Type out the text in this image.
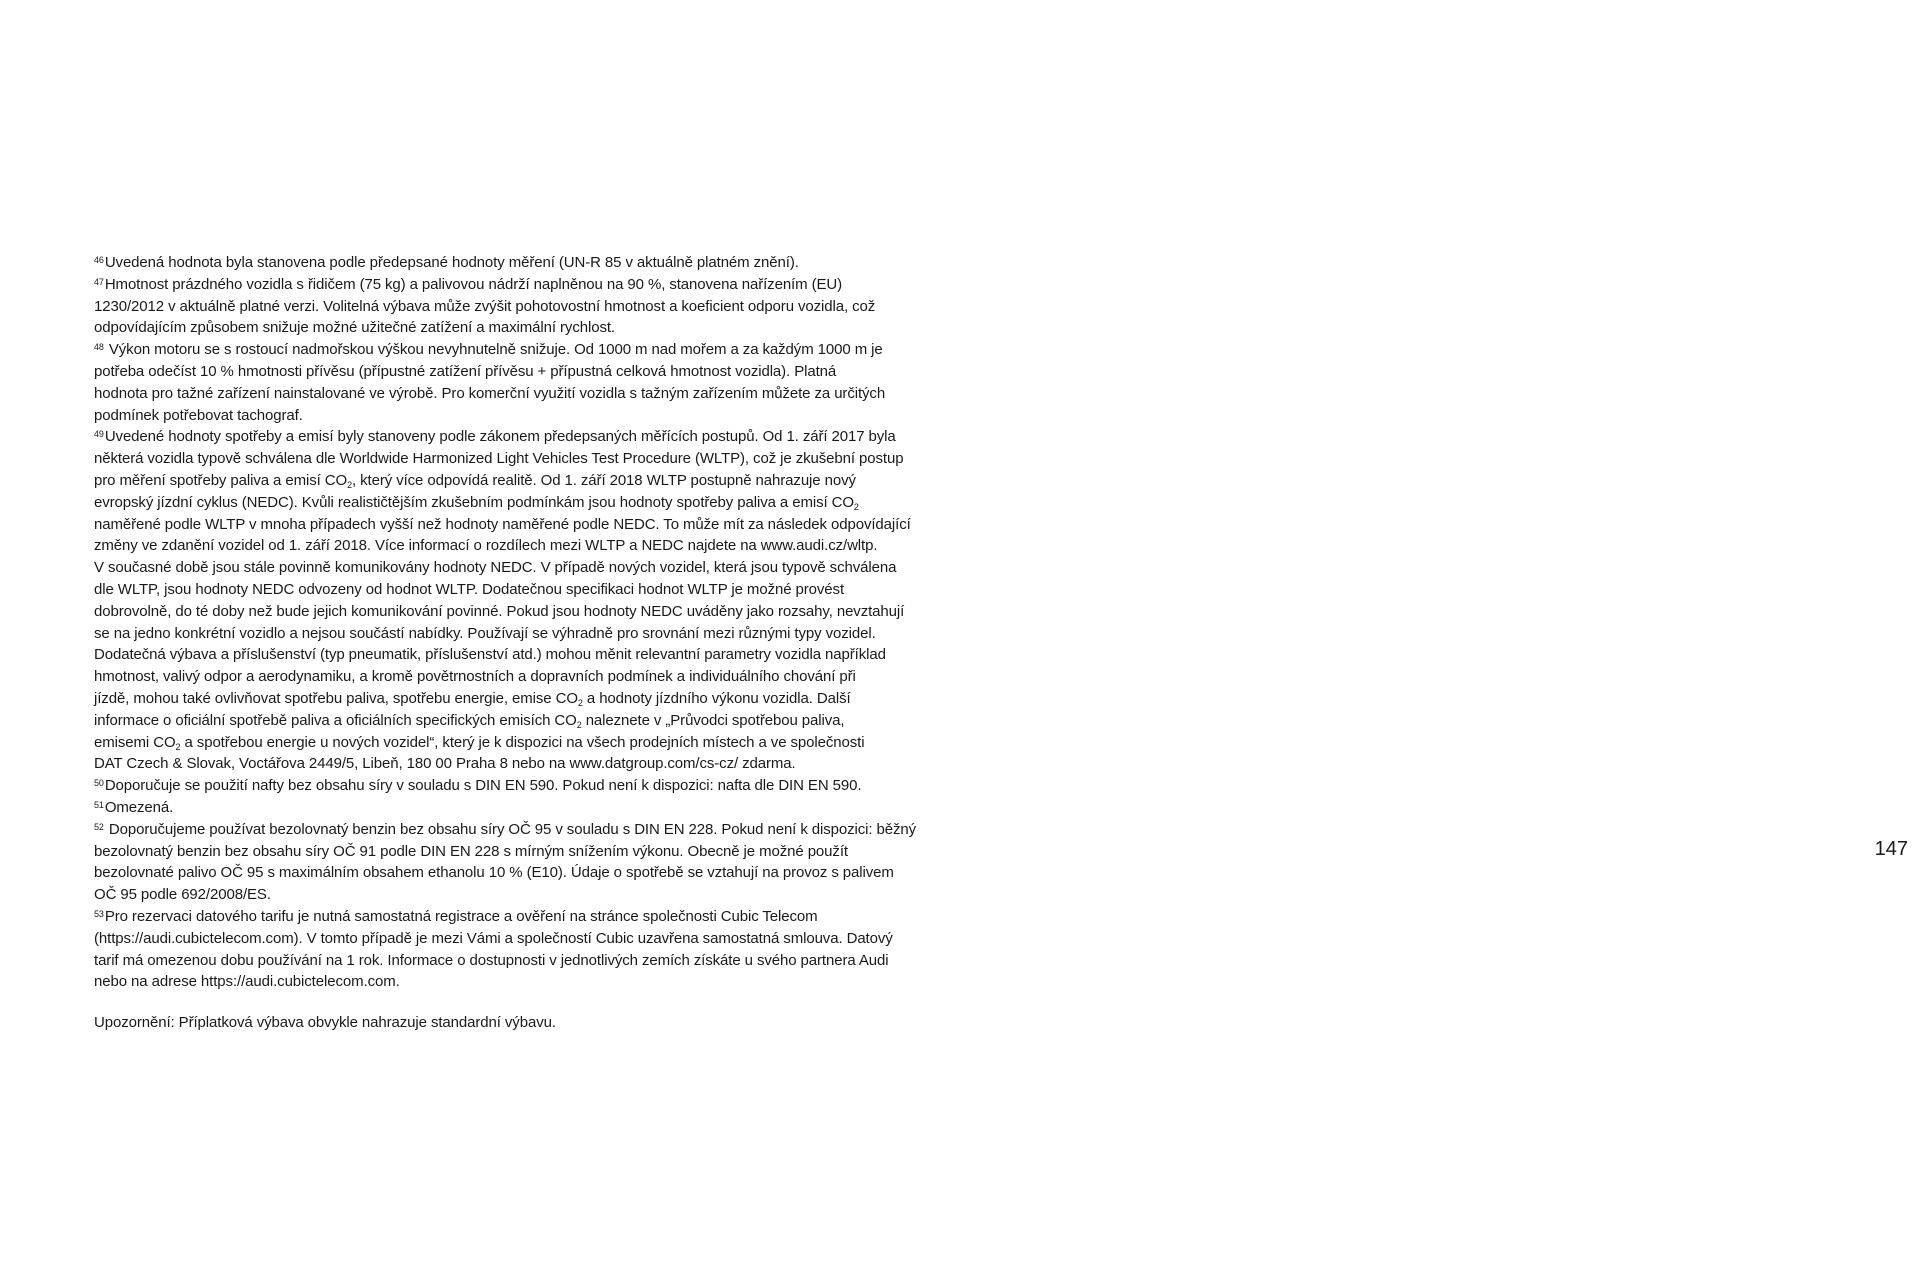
$^{46}$Uvedená hodnota byla stanovena podle předepsané hodnoty měření (UN-R 85 v aktuálně platném znění).

$^{47}$Hmotnost prázdného vozidla s řidičem (75 kg) a palivovou nádrží naplněnou na 90 %, stanovena nařízením (EU)
1230/2012 v aktuálně platné verzi. Volitelná výbava může zvýšit pohotovostní hmotnost a koeficient odporu vozidla, což
odpovídajícím způsobem snižuje možné užitečné zatížení a maximální rychlost.

$^{48}$ Výkon motoru se s rostoucí nadmořskou výškou nevyhnutelně snižuje. Od 1000 m nad mořem a za každým 1000 m je
potřeba odečíst 10 % hmotnosti přívěsu (přípustné zatížení přívěsu + přípustná celková hmotnost vozidla). Platná
hodnota pro tažné zařízení nainstalované ve výrobě. Pro komerční využití vozidla s tažným zařízením můžete za určitých
podmínek potřebovat tachograf.

$^{49}$Uvedené hodnoty spotřeby a emisí byly stanoveny podle zákonem předepsaných měřících postupů. Od 1. září 2017 byla
některá vozidla typově schválena dle Worldwide Harmonized Light Vehicles Test Procedure (WLTP), což je zkušební postup
pro měření spotřeby paliva a emisí $CO_2$, který více odpovídá realitě. Od 1. září 2018 WLTP postupně nahrazuje nový
evropský jízdní cyklus (NEDC). Kvůli realističtějším zkušebním podmínkám jsou hodnoty spotřeby paliva a emisí $CO_2$
naměřené podle WLTP v mnoha případech vyšší než hodnoty naměřené podle NEDC. To může mít za následek odpovídající
změny ve zdanění vozidel od 1. září 2018. Více informací o rozdílech mezi WLTP a NEDC najdete na www.audi.cz/wltp.
V současné době jsou stále povinně komunikovány hodnoty NEDC. V případě nových vozidel, která jsou typově schválena
dle WLTP, jsou hodnoty NEDC odvozeny od hodnot WLTP. Dodatečnou specifikaci hodnot WLTP je možné provést
dobrovolně, do té doby než bude jejich komunikování povinné. Pokud jsou hodnoty NEDC uváděny jako rozsahy, nevztahují
se na jedno konkrétní vozidlo a nejsou součástí nabídky. Používají se výhradně pro srovnání mezi různými typy vozidel.
Dodatečná výbava a příslušenství (typ pneumatik, příslušenství atd.) mohou měnit relevantní parametry vozidla například
hmotnost, valivý odpor a aerodynamiku, a kromě povětrnostních a dopravních podmínek a individuálního chování při
jízdě, mohou také ovlivňovat spotřebu paliva, spotřebu energie, emise $CO_2$ a hodnoty jízdního výkonu vozidla. Další
informace o oficiální spotřebě paliva a oficiálních specifických emisích $CO_2$ naleznete v „Průvodci spotřebou paliva,
emisemi $CO_2$ a spotřebou energie u nových vozidel“, který je k dispozici na všech prodejních místech a ve společnosti
DAT Czech & Slovak, Voctářova 2449/5, Libeň, 180 00 Praha 8 nebo na www.datgroup.com/cs-cz/ zdarma.

$^{50}$Doporučuje se použití nafty bez obsahu síry v souladu s DIN EN 590. Pokud není k dispozici: nafta dle DIN EN 590.

$^{51}$Omezená.

$^{52}$ Doporučujeme používat bezolovnatý benzin bez obsahu síry OČ 95 v souladu s DIN EN 228. Pokud není k dispozici: běžný
bezolovnatý benzin bez obsahu síry OČ 91 podle DIN EN 228 s mírným snížením výkonu. Obecně je možné použít
bezolovnaté palivo OČ 95 s maximálním obsahem ethanolu 10 % (E10). Údaje o spotřebě se vztahují na provoz s palivem
OČ 95 podle 692/2008/ES.

$^{53}$Pro rezervaci datového tarifu je nutná samostatná registrace a ověření na stránce společnosti Cubic Telecom
(https://audi.cubictelecom.com). V tomto případě je mezi Vámi a společností Cubic uzavřena samostatná smlouva. Datový
tarif má omezenou dobu používání na 1 rok. Informace o dostupnosti v jednotlivých zemích získáte u svého partnera Audi
nebo na adrese https://audi.cubictelecom.com.

Upozornění: Příplatková výbava obvykle nahrazuje standardní výbavu.

147
